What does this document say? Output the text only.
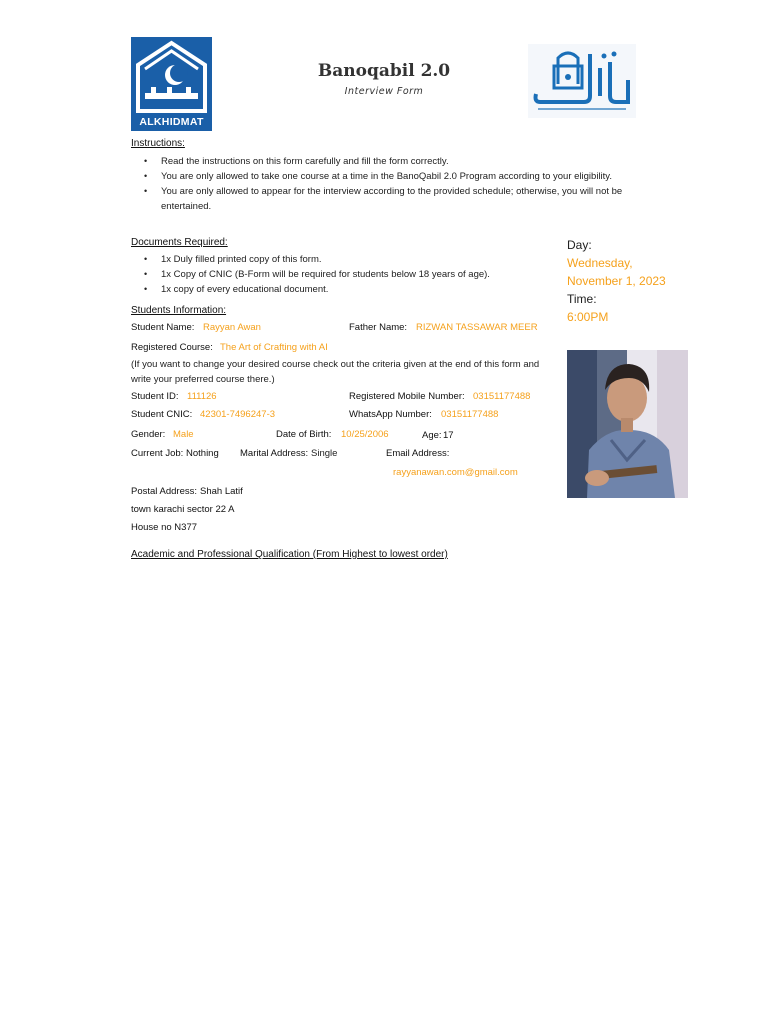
ALKHIDMAT
Banoqabil 2.0
Interview Form
Instructions:
• Read the instructions on this form carefully and fill the form correctly.
• You are only allowed to take one course at a time in the BanoQabil 2.0 Program according to your eligibility.
• You are only allowed to appear for the interview according to the provided schedule; otherwise, you will not be entertained.
Documents Required:
• 1x Duly filled printed copy of this form.
• 1x Copy of CNIC (B-Form will be required for students below 18 years of age).
• 1x copy of every educational document.
Day:
Wednesday, November 1, 2023
Time:
6:00PM
Students Information:
Student Name: Rayyan Awan	Father Name: RIZWAN TASSAWAR MEER
Registered Course: The Art of Crafting with AI
(If you want to change your desired course check out the criteria given at the end of this form and write your preferred course there.)
Student ID: 111126	Registered Mobile Number: 03151177488
Student CNIC: 42301-7496247-3	WhatsApp Number: 03151177488
Gender: Male	Date of Birth: 10/25/2006	Age: 17
Current Job: Nothing Marital Address: Single	Email Address:
rayyanawan.com@gmail.com
Postal Address: Shah Latif
town karachi sector 22 A
House no N377
Academic and Professional Qualification (From Highest to lowest order)
